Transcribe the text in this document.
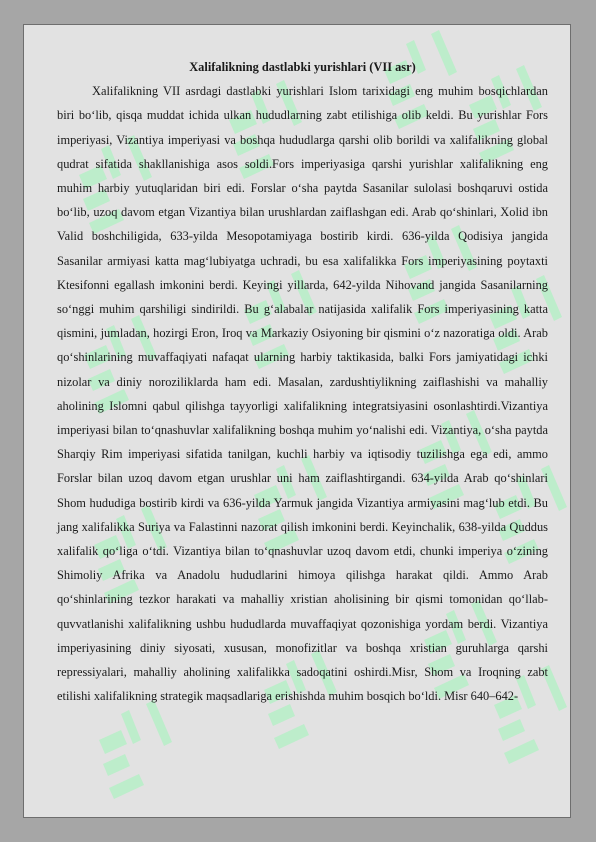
Xalifalikning dastlabki yurishlari (VII asr)

Xalifalikning VII asrdagi dastlabki yurishlari Islom tarixidagi eng muhim bosqichlardan biri bo‘lib, qisqa muddat ichida ulkan hududlarning zabt etilishiga olib keldi. Bu yurishlar Fors imperiyasi, Vizantiya imperiyasi va boshqa hududlarga qarshi olib borildi va xalifalikning global qudrat sifatida shakllanishiga asos soldi.Fors imperiyasiga qarshi yurishlar xalifalikning eng muhim harbiy yutuqlaridan biri edi. Forslar o‘sha paytda Sasanilar sulolasi boshqaruvi ostida bo‘lib, uzoq davom etgan Vizantiya bilan urushlardan zaiflashgan edi. Arab qo‘shinlari, Xolid ibn Valid boshchiligida, 633-yilda Mesopotamiyaga bostirib kirdi. 636-yilda Qodisiya jangida Sasanilar armiyasi katta mag‘lubiyatga uchradi, bu esa xalifalikka Fors imperiyasining poytaxti Ktesifonni egallash imkonini berdi. Keyingi yillarda, 642-yilda Nihovand jangida Sasanilarning so‘nggi muhim qarshiligi sindirildi. Bu g‘alabalar natijasida xalifalik Fors imperiyasining katta qismini, jumladan, hozirgi Eron, Iroq va Markaziy Osiyoning bir qismini o‘z nazoratiga oldi. Arab qo‘shinlarining muvaffaqiyati nafaqat ularning harbiy taktikasida, balki Fors jamiyatidagi ichki nizolar va diniy noroziliklarda ham edi. Masalan, zardushtiylikning zaiflashishi va mahalliy aholining Islomni qabul qilishga tayyorligi xalifalikning integratsiyasini osonlashtirdi.Vizantiya imperiyasi bilan to‘qnashuvlar xalifalikning boshqa muhim yo‘nalishi edi. Vizantiya, o‘sha paytda Sharqiy Rim imperiyasi sifatida tanilgan, kuchli harbiy va iqtisodiy tuzilishga ega edi, ammo Forslar bilan uzoq davom etgan urushlar uni ham zaiflashtirgandi. 634-yilda Arab qo‘shinlari Shom hududiga bostirib kirdi va 636-yilda Yarmuk jangida Vizantiya armiyasini mag‘lub etdi. Bu jang xalifalikka Suriya va Falastinni nazorat qilish imkonini berdi. Keyinchalik, 638-yilda Quddus xalifalik qo‘liga o‘tdi. Vizantiya bilan to‘qnashuvlar uzoq davom etdi, chunki imperiya o‘zining Shimoliy Afrika va Anadolu hududlarini himoya qilishga harakat qildi. Ammo Arab qo‘shinlarining tezkor harakati va mahalliy xristian aholisining bir qismi tomonidan qo‘llab-quvvatlanishi xalifalikning ushbu hududlarda muvaffaqiyat qozonishiga yordam berdi. Vizantiya imperiyasining diniy siyosati, xususan, monofizitlar va boshqa xristian guruhlarga qarshi repressiyalari, mahalliy aholining xalifalikka sadoqatini oshirdi.Misr, Shom va Iroqning zabt etilishi xalifalikning strategik maqsadlariga erishishda muhim bosqich bo‘ldi. Misr 640–642-
